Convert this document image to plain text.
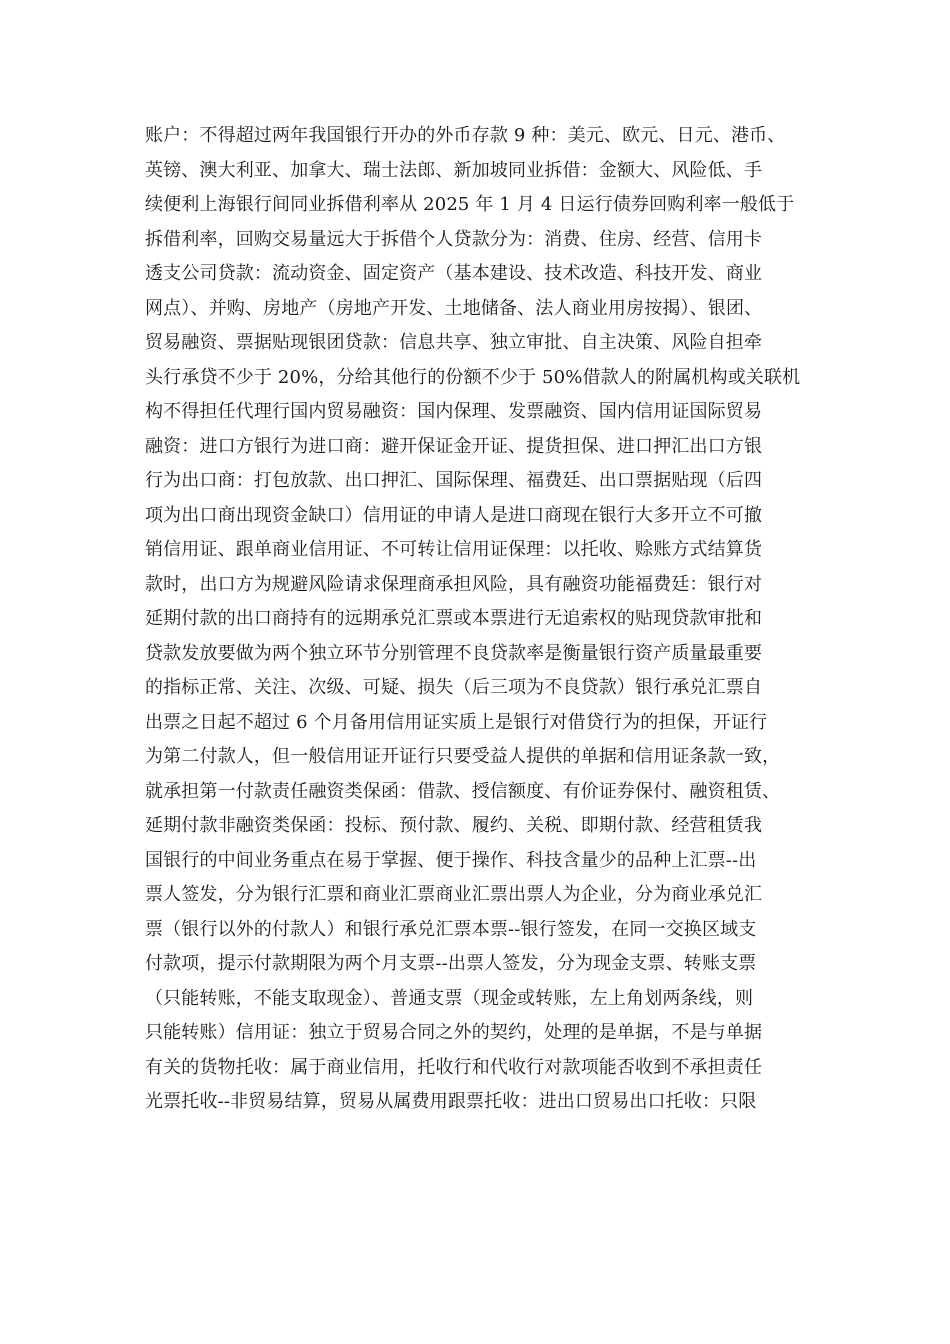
账户：不得超过两年我国银行开办的外币存款 9 种：美元、欧元、日元、港币、
英镑、澳大利亚、加拿大、瑞士法郎、新加坡同业拆借：金额大、风险低、手
续便利上海银行间同业拆借利率从 2025 年 1 月 4 日运行债券回购利率一般低于
拆借利率，回购交易量远大于拆借个人贷款分为：消费、住房、经营、信用卡
透支公司贷款：流动资金、固定资产（基本建设、技术改造、科技开发、商业
网点）、并购、房地产（房地产开发、土地储备、法人商业用房按揭）、银团、
贸易融资、票据贴现银团贷款：信息共享、独立审批、自主决策、风险自担牵
头行承贷不少于 20%，分给其他行的份额不少于 50%借款人的附属机构或关联机
构不得担任代理行国内贸易融资：国内保理、发票融资、国内信用证国际贸易
融资：进口方银行为进口商：避开保证金开证、提货担保、进口押汇出口方银
行为出口商：打包放款、出口押汇、国际保理、福费廷、出口票据贴现（后四
项为出口商出现资金缺口）信用证的申请人是进口商现在银行大多开立不可撤
销信用证、跟单商业信用证、不可转让信用证保理：以托收、赊账方式结算货
款时，出口方为规避风险请求保理商承担风险，具有融资功能福费廷：银行对
延期付款的出口商持有的远期承兑汇票或本票进行无追索权的贴现贷款审批和
贷款发放要做为两个独立环节分别管理不良贷款率是衡量银行资产质量最重要
的指标正常、关注、次级、可疑、损失（后三项为不良贷款）银行承兑汇票自
出票之日起不超过 6 个月备用信用证实质上是银行对借贷行为的担保，开证行
为第二付款人，但一般信用证开证行只要受益人提供的单据和信用证条款一致，
就承担第一付款责任融资类保函：借款、授信额度、有价证券保付、融资租赁、
延期付款非融资类保函：投标、预付款、履约、关税、即期付款、经营租赁我
国银行的中间业务重点在易于掌握、便于操作、科技含量少的品种上汇票--出
票人签发，分为银行汇票和商业汇票商业汇票出票人为企业，分为商业承兑汇
票（银行以外的付款人）和银行承兑汇票本票--银行签发，在同一交换区域支
付款项，提示付款期限为两个月支票--出票人签发，分为现金支票、转账支票
（只能转账，不能支取现金）、普通支票（现金或转账，左上角划两条线，则
只能转账）信用证：独立于贸易合同之外的契约，处理的是单据，不是与单据
有关的货物托收：属于商业信用，托收行和代收行对款项能否收到不承担责任
光票托收--非贸易结算，贸易从属费用跟票托收：进出口贸易出口托收：只限
